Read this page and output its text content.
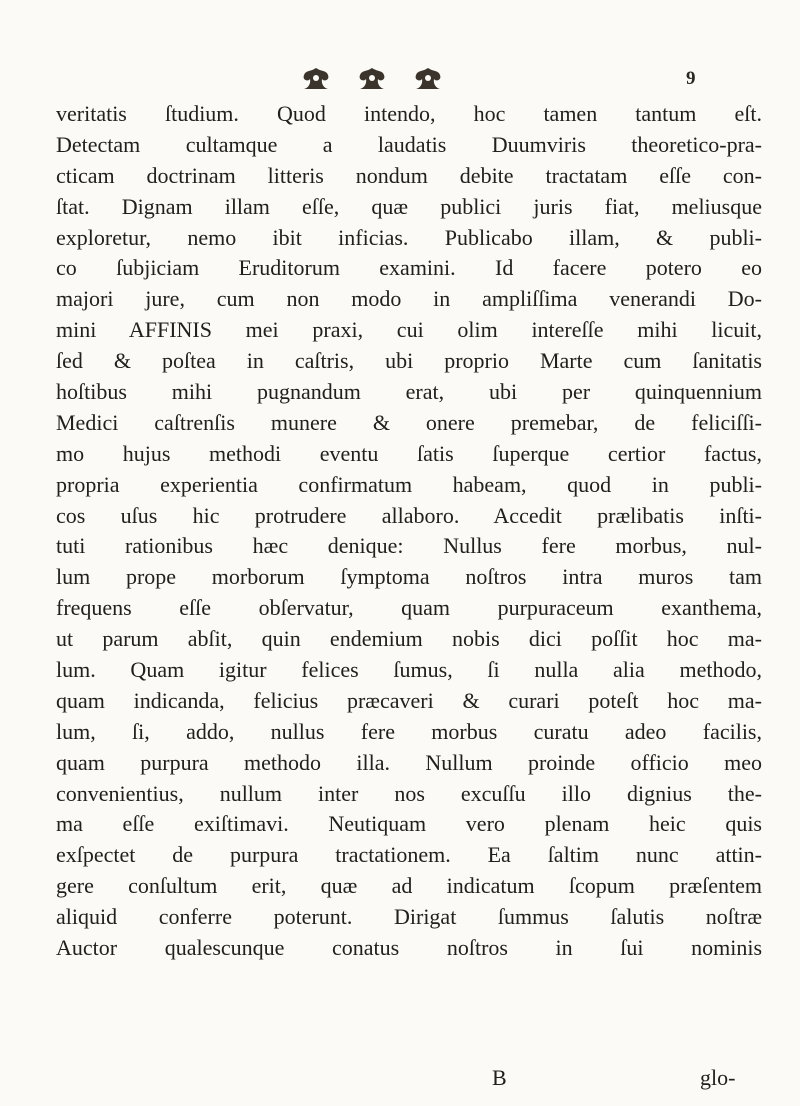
9
veritatis ſtudium. Quod intendo, hoc tamen tantum eſt.
Detectam cultamque a laudatis Duumviris theoretico-pra-
cticam doctrinam litteris nondum debite tractatam eſſe con-
ſtat. Dignam illam eſſe, quæ publici juris fiat, meliusque
exploretur, nemo ibit inficias. Publicabo illam, & publi-
co ſubjiciam Eruditorum examini. Id facere potero eo
majori jure, cum non modo in ampliſſima venerandi Do-
mini AFFINIS mei praxi, cui olim intereſſe mihi licuit,
ſed & poſtea in caſtris, ubi proprio Marte cum ſanitatis
hoſtibus mihi pugnandum erat, ubi per quinquennium
Medici caſtrenſis munere & onere premebar, de feliciſſi-
mo hujus methodi eventu ſatis ſuperque certior factus,
propria experientia confirmatum habeam, quod in publi-
cos uſus hic protrudere allaboro. Accedit prælibatis inſti-
tuti rationibus hæc denique: Nullus fere morbus, nul-
lum prope morborum ſymptoma noſtros intra muros tam
frequens eſſe obſervatur, quam purpuraceum exanthema,
ut parum abſit, quin endemium nobis dici poſſit hoc ma-
lum. Quam igitur felices ſumus, ſi nulla alia methodo,
quam indicanda, felicius præcaveri & curari poteſt hoc ma-
lum, ſi, addo, nullus fere morbus curatu adeo facilis,
quam purpura methodo illa. Nullum proinde officio meo
convenientius, nullum inter nos excuſſu illo dignius the-
ma eſſe exiſtimavi. Neutiquam vero plenam heic quis
exſpectet de purpura tractationem. Ea ſaltim nunc attin-
gere conſultum erit, quæ ad indicatum ſcopum præſentem
aliquid conferre poterunt. Dirigat ſummus ſalutis noſtræ
Auctor qualescunque conatus noſtros in ſui nominis
B	glo-
